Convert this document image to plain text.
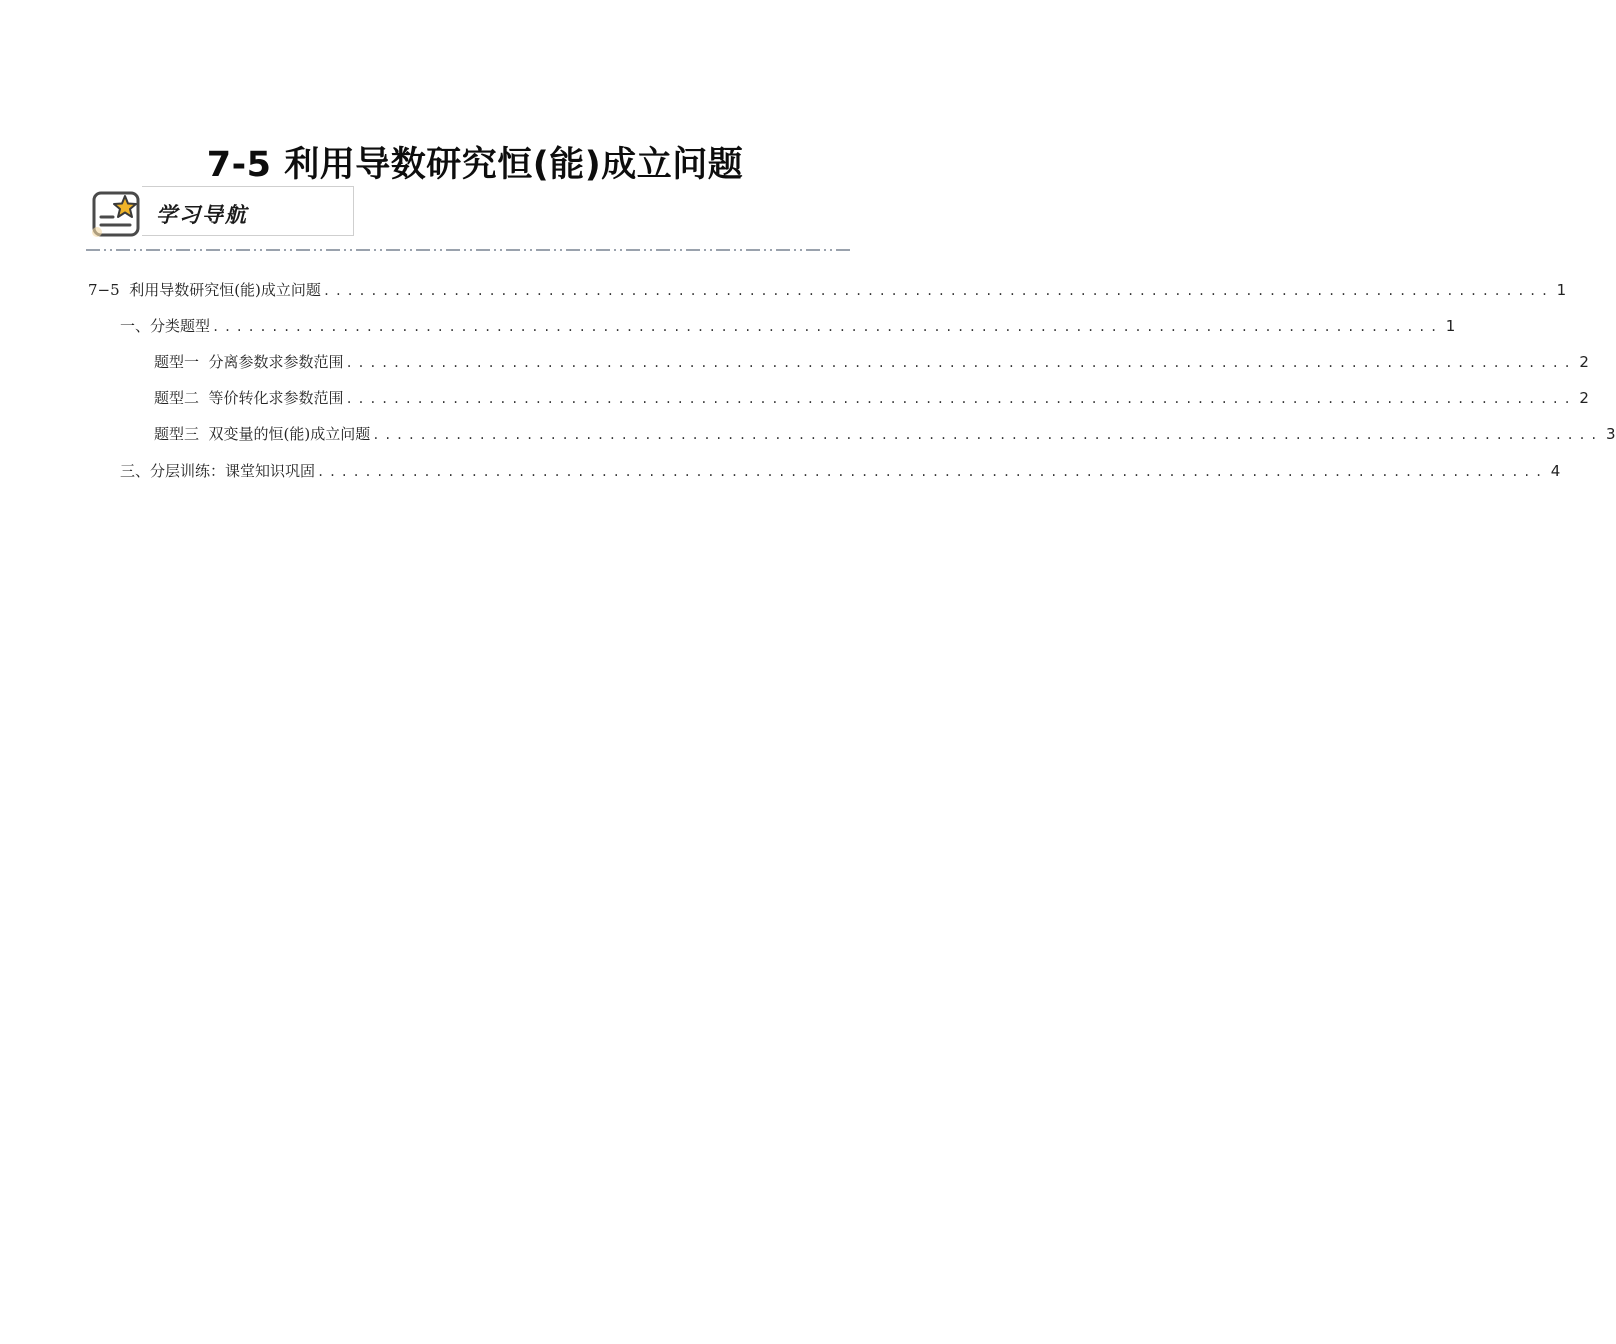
7-5 利用导数研究恒(能)成立问题
学习导航
7−5  利用导数研究恒(能)成立问题 ........................................................................................................ 1
一、分类题型 ........................................................................................................ 1
题型一  分离参数求参数范围 ........................................................................................................ 2
题型二  等价转化求参数范围 ........................................................................................................ 2
题型三  双变量的恒(能)成立问题 ........................................................................................................ 3
三、分层训练：课堂知识巩固 ........................................................................................................ 4
